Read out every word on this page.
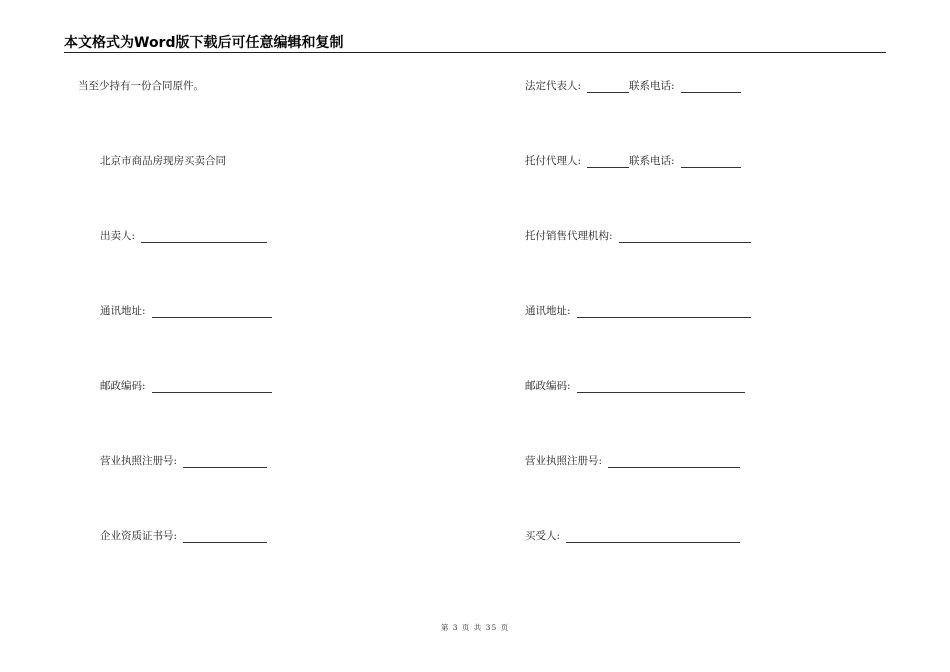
本文格式为Word版下载后可任意编辑和复制
当至少持有一份合同原件。
北京市商品房现房买卖合同
出卖人:
通讯地址:
邮政编码:
营业执照注册号:
企业资质证书号:
法定代表人:	联系电话:
托付代理人:	联系电话:
托付销售代理机构:
通讯地址:
邮政编码:
营业执照注册号:
买受人:
第 3 页 共 35 页
